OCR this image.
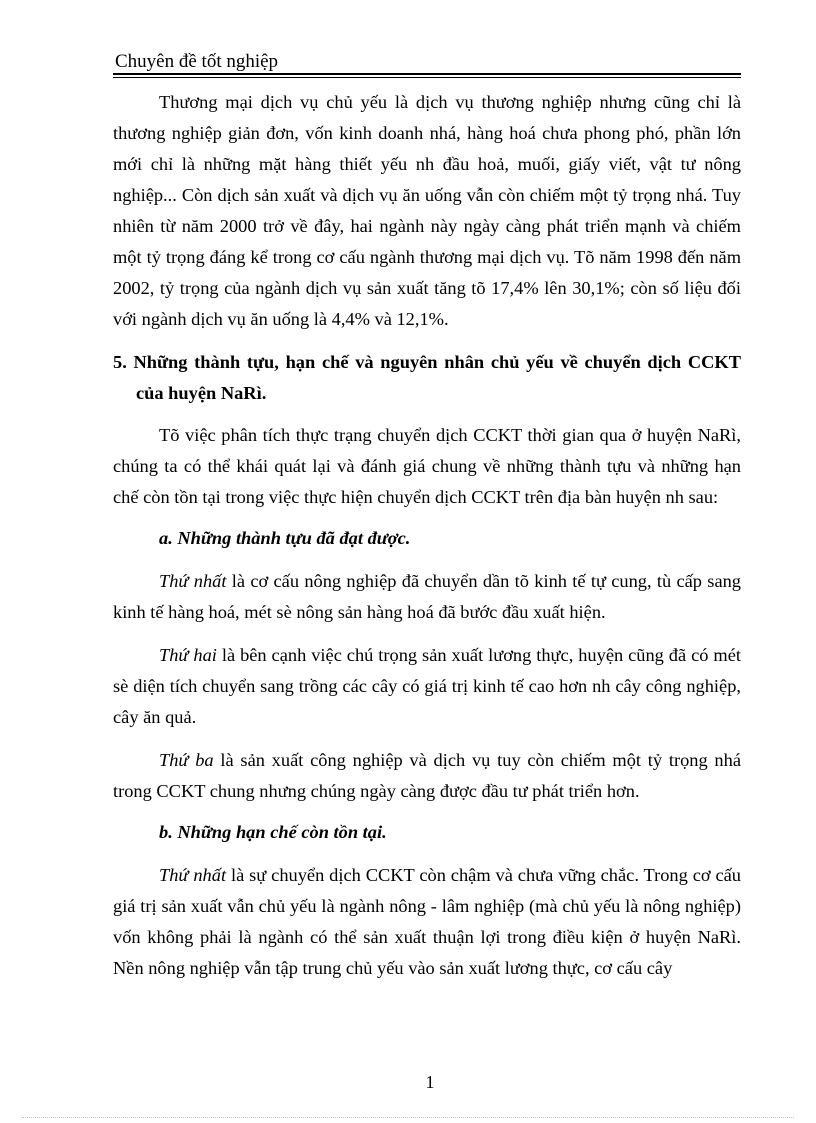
Chuyên đề tốt nghiệp

Thương mại dịch vụ chủ yếu là dịch vụ thương nghiệp nhưng cũng chỉ là thương nghiệp giản đơn, vốn kinh doanh nhá, hàng hoá chưa phong phó, phần lớn mới chỉ là những mặt hàng thiết yếu nh đầu hoả, muối, giấy viết, vật tư nông nghiệp... Còn dịch sản xuất và dịch vụ ăn uống vẫn còn chiếm một tỷ trọng nhá. Tuy nhiên từ năm 2000 trở về đây, hai ngành này ngày càng phát triển mạnh và chiếm một tỷ trọng đáng kể trong cơ cấu ngành thương mại dịch vụ. Tõ năm 1998 đến năm 2002, tỷ trọng của ngành dịch vụ sản xuất tăng tõ 17,4% lên 30,1%; còn số liệu đối với ngành dịch vụ ăn uống là 4,4% và 12,1%.

5. Những thành tựu, hạn chế và nguyên nhân chủ yếu về chuyển dịch CCKT của huyện NaRì.

Tõ việc phân tích thực trạng chuyển dịch CCKT thời gian qua ở huyện NaRì, chúng ta có thể khái quát lại và đánh giá chung về những thành tựu và những hạn chế còn tồn tại trong việc thực hiện chuyển dịch CCKT trên địa bàn huyện nh sau:

a. Những thành tựu đã đạt được.

Thứ nhất là cơ cấu nông nghiệp đã chuyển dần tõ kinh tế tự cung, tù cấp sang kinh tế hàng hoá, mét sè nông sản hàng hoá đã bước đầu xuất hiện.

Thứ hai là bên cạnh việc chú trọng sản xuất lương thực, huyện cũng đã có mét sè diện tích chuyển sang trồng các cây có giá trị kinh tế cao hơn nh cây công nghiệp, cây ăn quả.

Thứ ba là sản xuất công nghiệp và dịch vụ tuy còn chiếm một tỷ trọng nhá trong CCKT chung nhưng chúng ngày càng được đầu tư phát triển hơn.

b. Những hạn chế còn tồn tại.

Thứ nhất là sự chuyển dịch CCKT còn chậm và chưa vững chắc. Trong cơ cấu giá trị sản xuất vẫn chủ yếu là ngành nông - lâm nghiệp (mà chủ yếu là nông nghiệp) vốn không phải là ngành có thể sản xuất thuận lợi trong điều kiện ở huyện NaRì. Nền nông nghiệp vẫn tập trung chủ yếu vào sản xuất lương thực, cơ cấu cây

1
